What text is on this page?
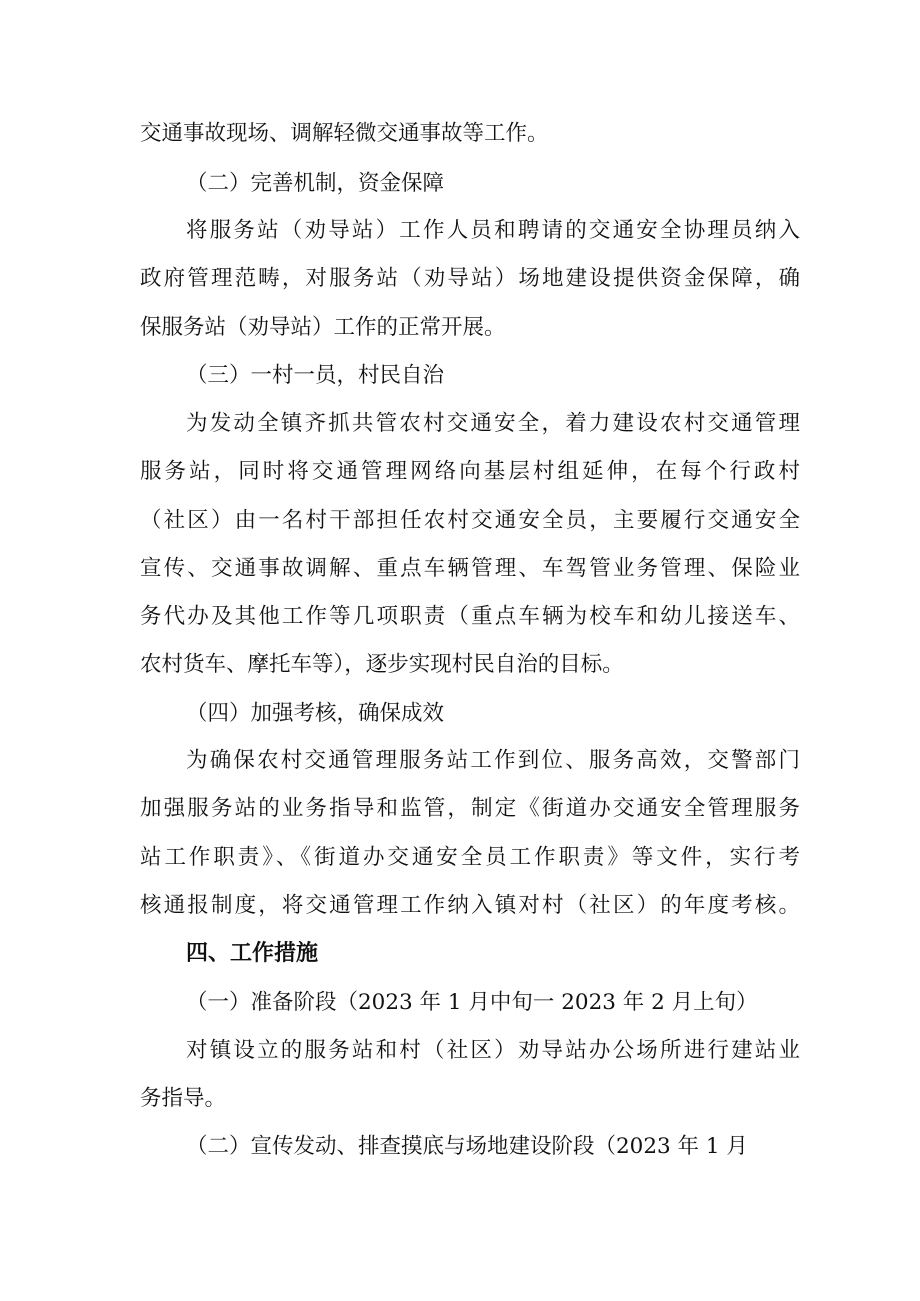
交通事故现场、调解轻微交通事故等工作。
（二）完善机制，资金保障
将服务站（劝导站）工作人员和聘请的交通安全协理员纳入
政府管理范畴，对服务站（劝导站）场地建设提供资金保障，确
保服务站（劝导站）工作的正常开展。
（三）一村一员，村民自治
为发动全镇齐抓共管农村交通安全，着力建设农村交通管理
服务站，同时将交通管理网络向基层村组延伸，在每个行政村
（社区）由一名村干部担任农村交通安全员，主要履行交通安全
宣传、交通事故调解、重点车辆管理、车驾管业务管理、保险业
务代办及其他工作等几项职责（重点车辆为校车和幼儿接送车、
农村货车、摩托车等），逐步实现村民自治的目标。
（四）加强考核，确保成效
为确保农村交通管理服务站工作到位、服务高效，交警部门
加强服务站的业务指导和监管，制定《街道办交通安全管理服务
站工作职责》、《街道办交通安全员工作职责》等文件，实行考
核通报制度，将交通管理工作纳入镇对村（社区）的年度考核。
四、工作措施
（一）准备阶段（2023 年 1 月中旬一 2023 年 2 月上旬）
对镇设立的服务站和村（社区）劝导站办公场所进行建站业
务指导。
（二）宣传发动、排查摸底与场地建设阶段（2023 年 1 月
